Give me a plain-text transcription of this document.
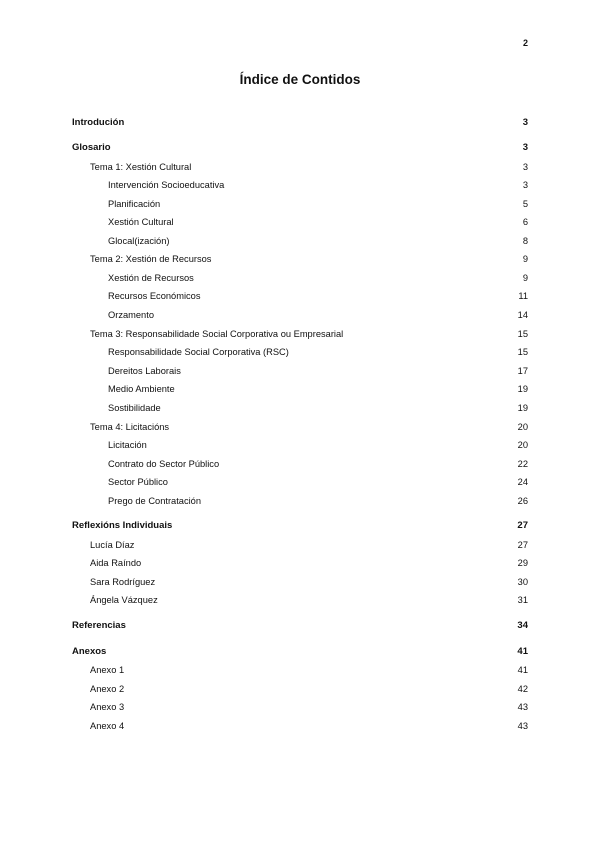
2
Índice de Contidos
Introdución	3
Glosario	3
Tema 1: Xestión Cultural	3
Intervención Socioeducativa	3
Planificación	5
Xestión Cultural	6
Glocal(ización)	8
Tema 2: Xestión de Recursos	9
Xestión de Recursos	9
Recursos Económicos	11
Orzamento	14
Tema 3: Responsabilidade Social Corporativa ou Empresarial	15
Responsabilidade Social Corporativa (RSC)	15
Dereitos Laborais	17
Medio Ambiente	19
Sostibilidade	19
Tema 4: Licitacións	20
Licitación	20
Contrato do Sector Público	22
Sector Público	24
Prego de Contratación	26
Reflexións Individuais	27
Lucía Díaz	27
Aida Raíndo	29
Sara Rodríguez	30
Ángela Vázquez	31
Referencias	34
Anexos	41
Anexo 1	41
Anexo 2	42
Anexo 3	43
Anexo 4	43
